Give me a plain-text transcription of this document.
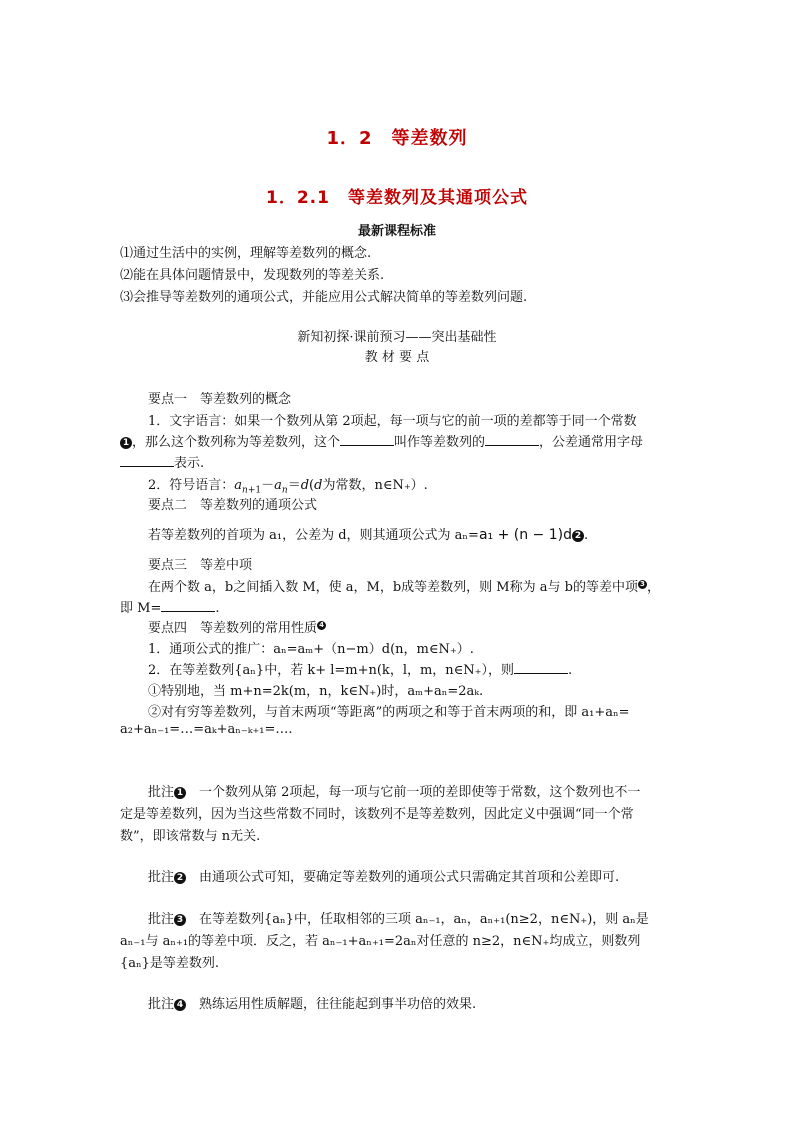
1．2　等差数列
1．2.1　等差数列及其通项公式
最新课程标准
⑴通过生活中的实例，理解等差数列的概念.
⑵能在具体问题情景中，发现数列的等差关系.
⑶会推导等差数列的通项公式，并能应用公式解决简单的等差数列问题.
新知初探·课前预习——突出基础性
教 材 要 点
要点一　等差数列的概念
1．文字语言：如果一个数列从第 2项起，每一项与它的前一项的差都等于同一个常数
1 ，那么这个数列称为等差数列，这个	叫作等差数列的	，公差通常用字母
表示.
2．符号语言：$a_{n+1}-a_n=d(d$为常数，n∈N₊）.
要点二　等差数列的通项公式
若等差数列的首项为 a₁，公差为 d，则其通项公式为 aₙ=a₁ + (n − 1)d 2 .
要点三　等差中项
在两个数 a，b之间插入数 M，使 a，M，b成等差数列，则 M称为 a与 b的等差中项 3 ，
即 M=	.
要点四　等差数列的常用性质 4
1．通项公式的推广：aₙ=aₘ+（n−m）d(n，m∈N₊）.
2．在等差数列{aₙ}中，若 k+ l=m+n(k，l，m，n∈N₊），则	.
①特别地，当 m+n=2k(m，n，k∈N₊)时，aₘ+aₙ=2aₖ.
②对有穷等差数列，与首末两项“等距离”的两项之和等于首末两项的和，即 a₁+aₙ=
a₂+aₙ₋₁=…=aₖ+aₙ₋ₖ₊₁=….
批注 1　 一个数列从第 2项起，每一项与它前一项的差即使等于常数，这个数列也不一
定是等差数列，因为当这些常数不同时，该数列不是等差数列，因此定义中强调“同一个常
数”，即该常数与 n无关.
批注 2　 由通项公式可知，要确定等差数列的通项公式只需确定其首项和公差即可.
批注 3　 在等差数列{aₙ}中，任取相邻的三项 aₙ₋₁，aₙ，aₙ₊₁(n≥2，n∈N₊)，则 aₙ是
aₙ₋₁与 aₙ₊₁的等差中项．反之，若 aₙ₋₁+aₙ₊₁=2aₙ对任意的 n≥2，n∈N₊均成立，则数列
{aₙ}是等差数列.
批注 4　 熟练运用性质解题，往往能起到事半功倍的效果.
